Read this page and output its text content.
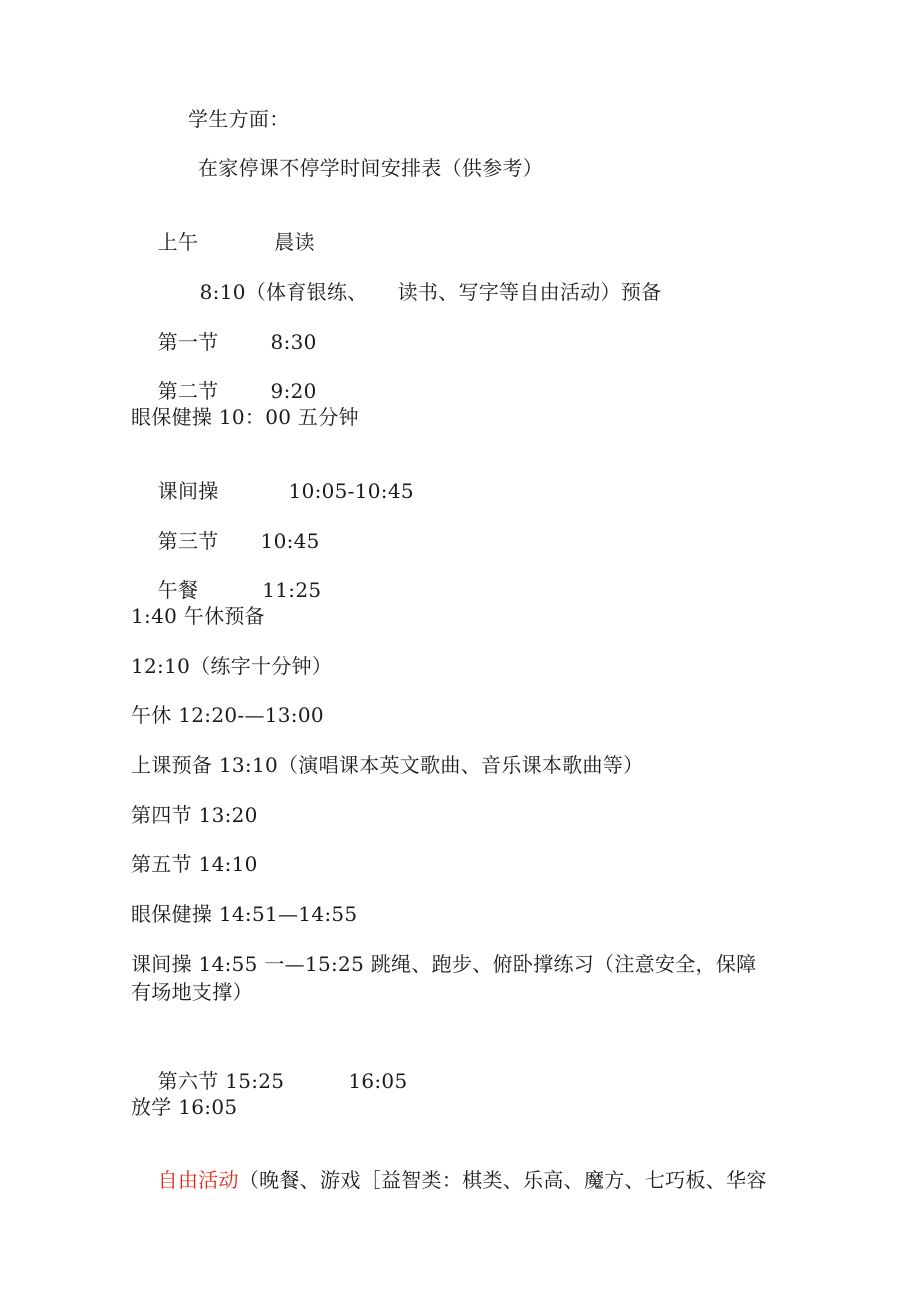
学生方面：
在家停课不停学时间安排表（供参考）

上午	晨读

8:10（体育银练、 读书、写字等自由活动）预备

第一节	8:30

第二节	9:20

眼保健操 10：00 五分钟

课间操	10:05-10:45

第三节 10:45

午餐	11:25

1:40 午休预备
12:10（练字十分钟）
午休 12:20-—13:00
上课预备 13:10（演唱课本英文歌曲、音乐课本歌曲等）
第四节 13:20
第五节 14:10
眼保健操 14:51—14:55
课间操 14:55 一—15:25 跳绳、跑步、俯卧撑练习（注意安全，保障
有场地支撑）

第六节 15:25	16:05

放学 16:05

自由活动（晚餐、游戏［益智类：棋类、乐高、魔方、七巧板、华容
